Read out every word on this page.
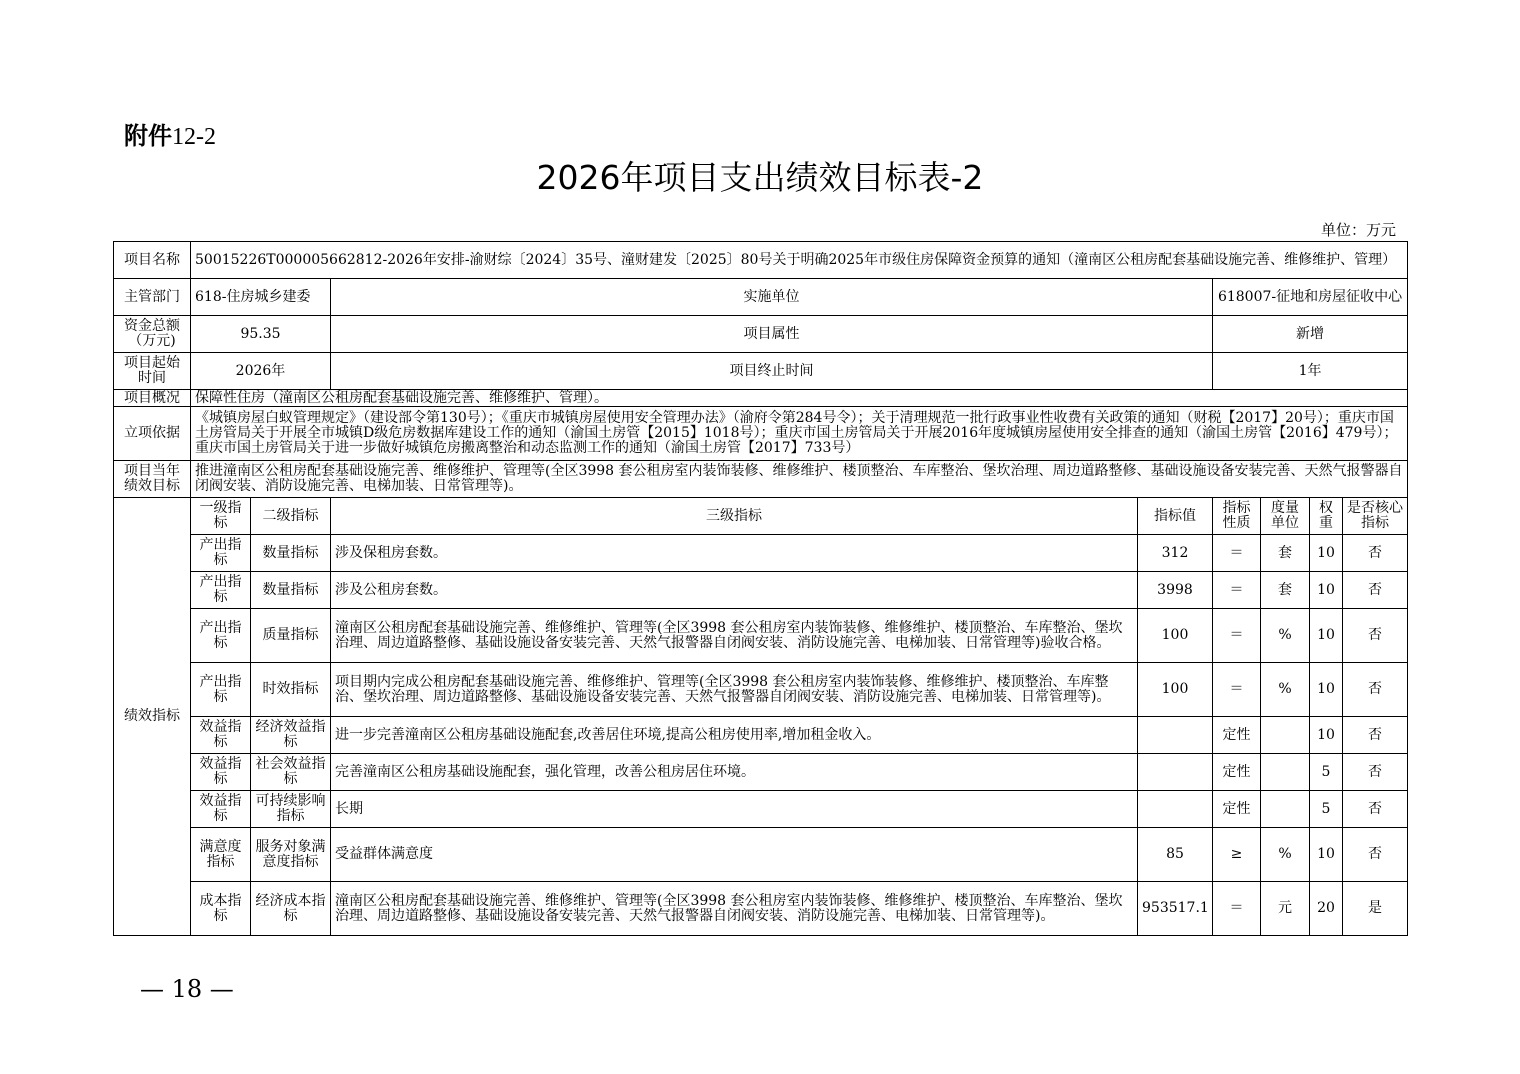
附件12-2
2026年项目支出绩效目标表-2
单位：万元
项目名称	50015226T000005662812-2026年安排-渝财综〔2024〕35号、潼财建发〔2025〕80号关于明确2025年市级住房保障资金预算的通知（潼南区公租房配套基础设施完善、维修维护、管理）							
主管部门	618-住房城乡建委		实施单位		618007-征地和房屋征收中心			
资金总额（万元)	95.35		项目属性		新增			
项目起始时间	2026年		项目终止时间		1年			
项目概况	保障性住房（潼南区公租房配套基础设施完善、维修维护、管理）。							
立项依据	《城镇房屋白蚁管理规定》（建设部令第130号）；《重庆市城镇房屋使用安全管理办法》（渝府令第284号令）；关于清理规范一批行政事业性收费有关政策的通知（财税【2017】20号）；重庆市国土房管局关于开展全市城镇D级危房数据库建设工作的通知（渝国土房管【2015】1018号）；重庆市国土房管局关于开展2016年度城镇房屋使用安全排查的通知（渝国土房管【2016】479号）；重庆市国土房管局关于进一步做好城镇危房搬离整治和动态监测工作的通知（渝国土房管【2017】733号）							
项目当年绩效目标	推进潼南区公租房配套基础设施完善、维修维护、管理等(全区3998 套公租房室内装饰装修、维修维护、楼顶整治、车库整治、堡坎治理、周边道路整修、基础设施设备安装完善、天然气报警器自闭阀安装、消防设施完善、电梯加装、日常管理等)。							
绩效指标	一级指标	二级指标	三级指标	指标值	指标性质	度量单位	权重	是否核心指标
	产出指标	数量指标	涉及保租房套数。	312	＝	套	10	否
	产出指标	数量指标	涉及公租房套数。	3998	＝	套	10	否
	产出指标	质量指标	潼南区公租房配套基础设施完善、维修维护、管理等(全区3998 套公租房室内装饰装修、维修维护、楼顶整治、车库整治、堡坎治理、周边道路整修、基础设施设备安装完善、天然气报警器自闭阀安装、消防设施完善、电梯加装、日常管理等)验收合格。	100	＝	%	10	否
	产出指标	时效指标	项目期内完成公租房配套基础设施完善、维修维护、管理等(全区3998 套公租房室内装饰装修、维修维护、楼顶整治、车库整治、堡坎治理、周边道路整修、基础设施设备安装完善、天然气报警器自闭阀安装、消防设施完善、电梯加装、日常管理等)。	100	＝	%	10	否
	效益指标	经济效益指标	进一步完善潼南区公租房基础设施配套,改善居住环境,提高公租房使用率,增加租金收入。		定性		10	否
	效益指标	社会效益指标	完善潼南区公租房基础设施配套，强化管理，改善公租房居住环境。		定性		5	否
	效益指标	可持续影响指标	长期		定性		5	否
	满意度指标	服务对象满意度指标	受益群体满意度	85	≥	%	10	否
	成本指标	经济成本指标	潼南区公租房配套基础设施完善、维修维护、管理等(全区3998 套公租房室内装饰装修、维修维护、楼顶整治、车库整治、堡坎治理、周边道路整修、基础设施设备安装完善、天然气报警器自闭阀安装、消防设施完善、电梯加装、日常管理等)。	953517.1	＝	元	20	是
— 18 —
